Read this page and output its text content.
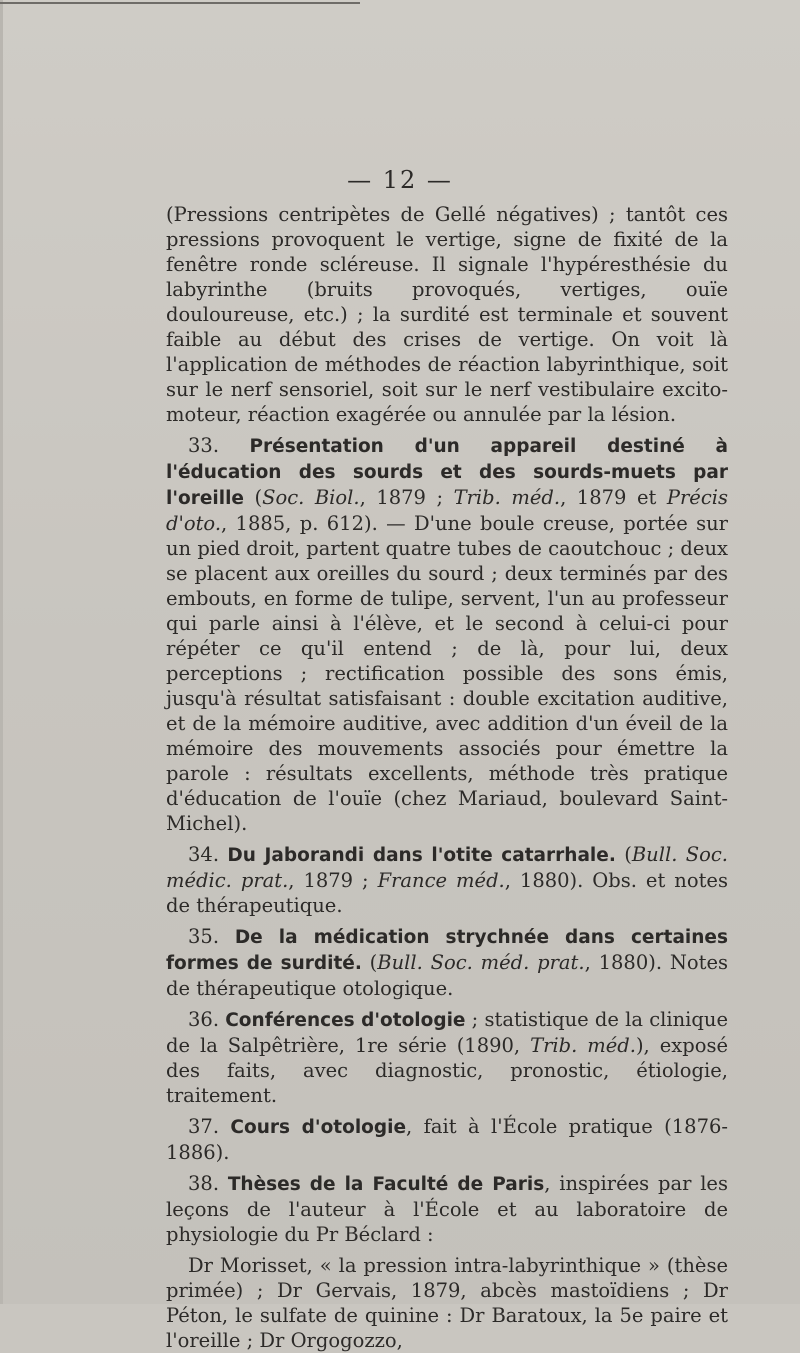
— 12 —

(Pressions centripètes de Gellé négatives) ; tantôt ces pressions provoquent le vertige, signe de fixité de la fenêtre ronde scléreuse. Il signale l'hypéresthésie du labyrinthe (bruits provoqués, vertiges, ouïe douloureuse, etc.) ; la surdité est terminale et souvent faible au début des crises de vertige. On voit là l'application de méthodes de réaction labyrinthique, soit sur le nerf sensoriel, soit sur le nerf vestibulaire excito-moteur, réaction exagérée ou annulée par la lésion.

33. Présentation d'un appareil destiné à l'éducation des sourds et des sourds-muets par l'oreille (Soc. Biol., 1879 ; Trib. méd., 1879 et Précis d'oto., 1885, p. 612). — D'une boule creuse, portée sur un pied droit, partent quatre tubes de caoutchouc ; deux se placent aux oreilles du sourd ; deux terminés par des embouts, en forme de tulipe, servent, l'un au professeur qui parle ainsi à l'élève, et le second à celui-ci pour répéter ce qu'il entend ; de là, pour lui, deux perceptions ; rectification possible des sons émis, jusqu'à résultat satisfaisant : double excitation auditive, et de la mémoire auditive, avec addition d'un éveil de la mémoire des mouvements associés pour émettre la parole : résultats excellents, méthode très pratique d'éducation de l'ouïe (chez Mariaud, boulevard Saint-Michel).

34. Du Jaborandi dans l'otite catarrhale. (Bull. Soc. médic. prat., 1879 ; France méd., 1880). Obs. et notes de thérapeutique.

35. De la médication strychnée dans certaines formes de surdité. (Bull. Soc. méd. prat., 1880). Notes de thérapeutique otologique.

36. Conférences d'otologie ; statistique de la clinique de la Salpêtrière, 1re série (1890, Trib. méd.), exposé des faits, avec diagnostic, pronostic, étiologie, traitement.

37. Cours d'otologie, fait à l'École pratique (1876-1886).

38. Thèses de la Faculté de Paris, inspirées par les leçons de l'auteur à l'École et au laboratoire de physiologie du Pr Béclard :

Dr Morisset, « la pression intra-labyrinthique » (thèse primée) ; Dr Gervais, 1879, abcès mastoïdiens ; Dr Péton, le sulfate de quinine : Dr Baratoux, la 5e paire et l'oreille ; Dr Orgogozzo,
